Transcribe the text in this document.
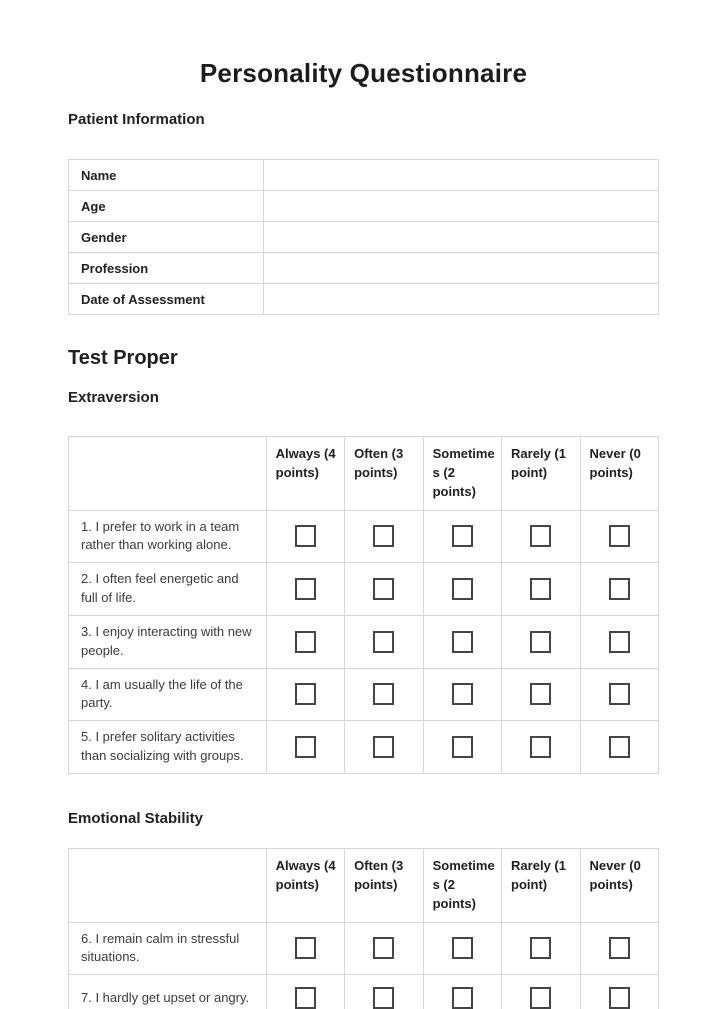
Personality Questionnaire
Patient Information
Name	
Age	
Gender	
Profession	
Date of Assessment	
Test Proper
Extraversion
	Always (4 points)	Often (3 points)	Sometimes (2 points)	Rarely (1 point)	Never (0 points)
1. I prefer to work in a team rather than working alone.					
2. I often feel energetic and full of life.					
3. I enjoy interacting with new people.					
4. I am usually the life of the party.					
5. I prefer solitary activities than socializing with groups.					
Emotional Stability
	Always (4 points)	Often (3 points)	Sometimes (2 points)	Rarely (1 point)	Never (0 points)
6. I remain calm in stressful situations.					
7. I hardly get upset or angry.					
